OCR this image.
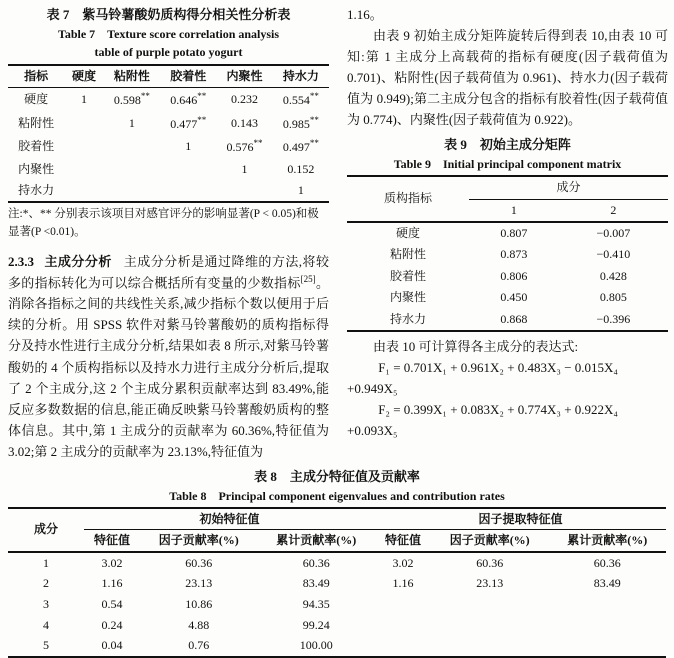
表 7　紫马铃薯酸奶质构得分相关性分析表

Table 7　Texture score correlation analysis

table of purple potato yogurt

指标	硬度	粘附性	胶着性	内聚性	持水力
硬度	1	0.598**	0.646**	0.232	0.554**
粘附性		1	0.477**	0.143	0.985**
胶着性			1	0.576**	0.497**
内聚性				1	0.152
持水力					1

注:*、** 分别表示该项目对感官评分的影响显著(P < 0.05)和极显著(P <0.01)。

2.3.3 主成分分析 主成分分析是通过降维的方法,将较多的指标转化为可以综合概括所有变量的少数指标[25]。消除各指标之间的共线性关系,减少指标个数以便用于后续的分析。用 SPSS 软件对紫马铃薯酸奶的质构指标得分及持水性进行主成分分析,结果如表 8 所示,对紫马铃薯酸奶的 4 个质构指标以及持水力进行主成分分析后,提取了 2 个主成分,这 2 个主成分累积贡献率达到 83.49%,能反应多数数据的信息,能正确反映紫马铃薯酸奶质构的整体信息。其中,第 1 主成分的贡献率为 60.36%,特征值为 3.02;第 2 主成分的贡献率为 23.13%,特征值为

1.16。

由表 9 初始主成分矩阵旋转后得到表 10,由表 10 可知:第 1 主成分上高载荷的指标有硬度(因子载荷值为 0.701)、粘附性(因子载荷值为 0.961)、持水力(因子载荷值为 0.949);第二主成分包含的指标有胶着性(因子载荷值为 0.774)、内聚性(因子载荷值为 0.922)。

表 9　初始主成分矩阵

Table 9　Initial principal component matrix

质构指标	成分	
	1	2
硬度	0.807	−0.007
粘附性	0.873	−0.410
胶着性	0.806	0.428
内聚性	0.450	0.805
持水力	0.868	−0.396

由表 10 可计算得各主成分的表达式:

F₁ = 0.701X₁ + 0.961X₂ + 0.483X₃ − 0.015X₄

+0.949X₅

F₂ = 0.399X₁ + 0.083X₂ + 0.774X₃ + 0.922X₄

+0.093X₅

表 8　主成分特征值及贡献率

Table 8　Principal component eigenvalues and contribution rates

成分	初始特征值			因子提取特征值		
	特征值	因子贡献率(%)	累计贡献率(%)	特征值	因子贡献率(%)	累计贡献率(%)
1	3.02	60.36	60.36	3.02	60.36	60.36
2	1.16	23.13	83.49	1.16	23.13	83.49
3	0.54	10.86	94.35			
4	0.24	4.88	99.24			
5	0.04	0.76	100.00			
